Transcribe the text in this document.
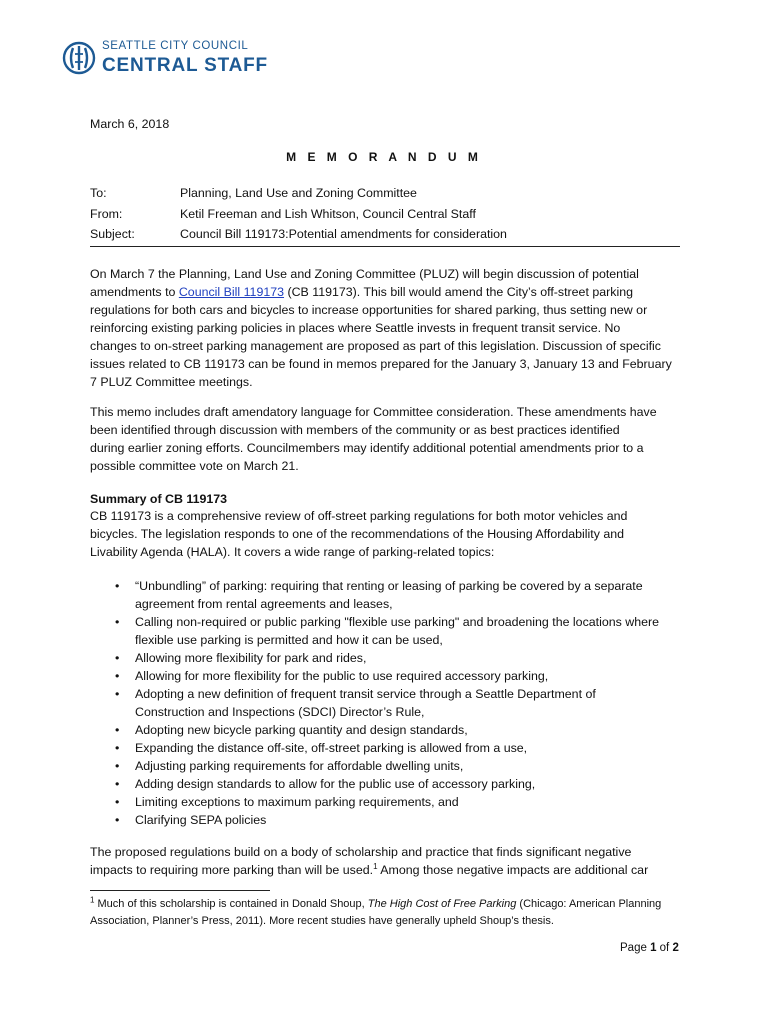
SEATTLE CITY COUNCIL
CENTRAL STAFF
March 6, 2018
M E M O R A N D U M
To:	Planning, Land Use and Zoning Committee
From:	Ketil Freeman and Lish Whitson, Council Central Staff
Subject:	Council Bill 119173:Potential amendments for consideration

On March 7 the Planning, Land Use and Zoning Committee (PLUZ) will begin discussion of potential
amendments to Council Bill 119173 (CB 119173). This bill would amend the City’s off-street parking
regulations for both cars and bicycles to increase opportunities for shared parking, thus setting new or
reinforcing existing parking policies in places where Seattle invests in frequent transit service. No
changes to on-street parking management are proposed as part of this legislation. Discussion of specific
issues related to CB 119173 can be found in memos prepared for the January 3, January 13 and February
7 PLUZ Committee meetings.

This memo includes draft amendatory language for Committee consideration. These amendments have
been identified through discussion with members of the community or as best practices identified
during earlier zoning efforts. Councilmembers may identify additional potential amendments prior to a
possible committee vote on March 21.

Summary of CB 119173

CB 119173 is a comprehensive review of off-street parking regulations for both motor vehicles and
bicycles. The legislation responds to one of the recommendations of the Housing Affordability and
Livability Agenda (HALA). It covers a wide range of parking-related topics:

• “Unbundling” of parking: requiring that renting or leasing of parking be covered by a separate
agreement from rental agreements and leases,
• Calling non-required or public parking "flexible use parking" and broadening the locations where
flexible use parking is permitted and how it can be used,
• Allowing more flexibility for park and rides,
• Allowing for more flexibility for the public to use required accessory parking,
• Adopting a new definition of frequent transit service through a Seattle Department of
Construction and Inspections (SDCI) Director’s Rule,
• Adopting new bicycle parking quantity and design standards,
• Expanding the distance off-site, off-street parking is allowed from a use,
• Adjusting parking requirements for affordable dwelling units,
• Adding design standards to allow for the public use of accessory parking,
• Limiting exceptions to maximum parking requirements, and
• Clarifying SEPA policies

The proposed regulations build on a body of scholarship and practice that finds significant negative
impacts to requiring more parking than will be used.$^1$ Among those negative impacts are additional car

$^1$ Much of this scholarship is contained in Donald Shoup, The High Cost of Free Parking (Chicago: American Planning
Association, Planner’s Press, 2011). More recent studies have generally upheld Shoup’s thesis.
Page 1 of 2
